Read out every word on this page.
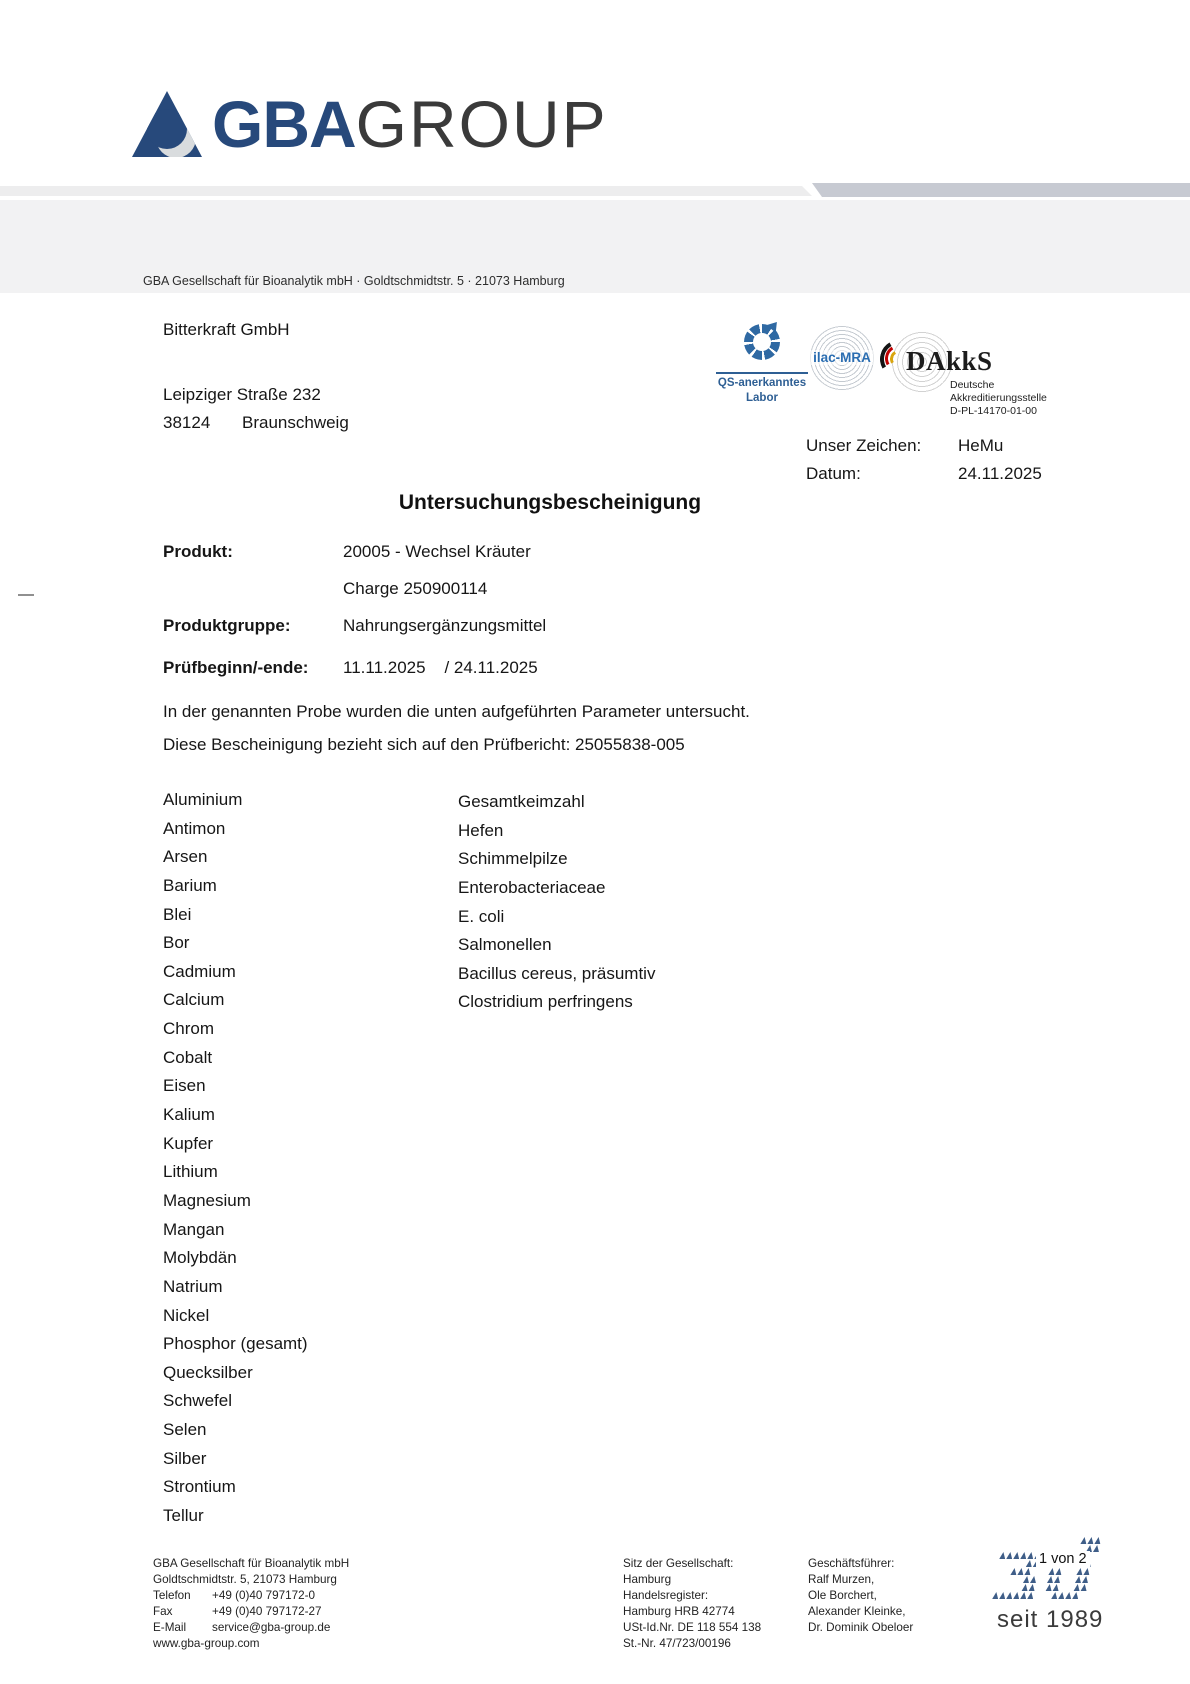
GBA GROUP
GBA Gesellschaft für Bioanalytik mbH · Goldtschmidtstr. 5 · 21073 Hamburg
Bitterkraft GmbH
Leipziger Straße 232
38124 Braunschweig
QS-anerkanntes
Labor
ilac-MRA DAkkS
Deutsche
Akkreditierungsstelle
D-PL-14170-01-00
Unser Zeichen: HeMu
Datum:	24.11.2025
Untersuchungsbescheinigung
Produkt:	20005 - Wechsel Kräuter
Charge 250900114
Produktgruppe:	Nahrungsergänzungsmittel
Prüfbeginn/-ende: 11.11.2025    / 24.11.2025
In der genannten Probe wurden die unten aufgeführten Parameter untersucht.
Diese Bescheinigung bezieht sich auf den Prüfbericht: 25055838-005
Aluminium
Antimon
Arsen
Barium
Blei
Bor
Cadmium
Calcium
Chrom
Cobalt
Eisen
Kalium
Kupfer
Lithium
Magnesium
Mangan
Molybdän
Natrium
Nickel
Phosphor (gesamt)
Quecksilber
Schwefel
Selen
Silber
Strontium
Tellur
Gesamtkeimzahl
Hefen
Schimmelpilze
Enterobacteriaceae
E. coli
Salmonellen
Bacillus cereus, präsumtiv
Clostridium perfringens
GBA Gesellschaft für Bioanalytik mbH
Goldtschmidtstr. 5, 21073 Hamburg
Telefon +49 (0)40 797172-0
Fax	+49 (0)40 797172-27
E-Mail service@gba-group.de
www.gba-group.com
Sitz der Gesellschaft:
Hamburg
Handelsregister:
Hamburg HRB 42774
USt-Id.Nr. DE 118 554 138
St.-Nr. 47/723/00196
Geschäftsführer:
Ralf Murzen,
Ole Borchert,
Alexander Kleinke,
Dr. Dominik Obeloer
1 von 2
seit 1989
